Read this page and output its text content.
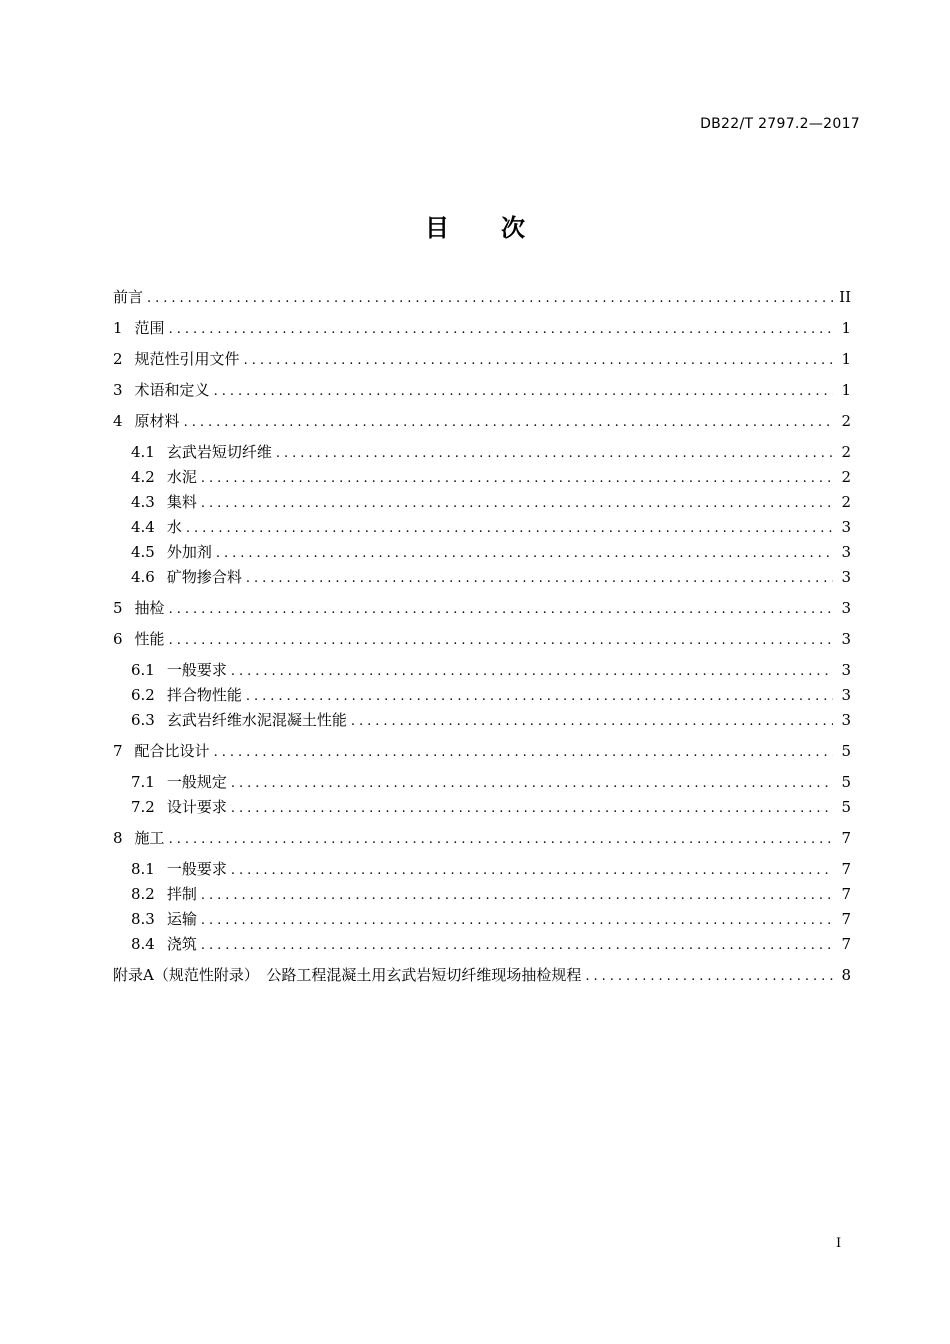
DB22/T 2797.2—2017
目 次
前言 .....	II
1 范围 .....	1
2 规范性引用文件 .....	1
3 术语和定义 .....	1
4 原材料 .....	2
4.1 玄武岩短切纤维 .....	2
4.2 水泥 .....	2
4.3 集料 .....	2
4.4 水 .....	3
4.5 外加剂 .....	3
4.6 矿物掺合料 .....	3
5 抽检 .....	3
6 性能 .....	3
6.1 一般要求 .....	3
6.2 拌合物性能 .....	3
6.3 玄武岩纤维水泥混凝土性能 .....	3
7 配合比设计 .....	5
7.1 一般规定 .....	5
7.2 设计要求 .....	5
8 施工 .....	7
8.1 一般要求 .....	7
8.2 拌制 .....	7
8.3 运输 .....	7
8.4 浇筑 .....	7
附录A（规范性附录）　公路工程混凝土用玄武岩短切纤维现场抽检规程 .....	8
I
